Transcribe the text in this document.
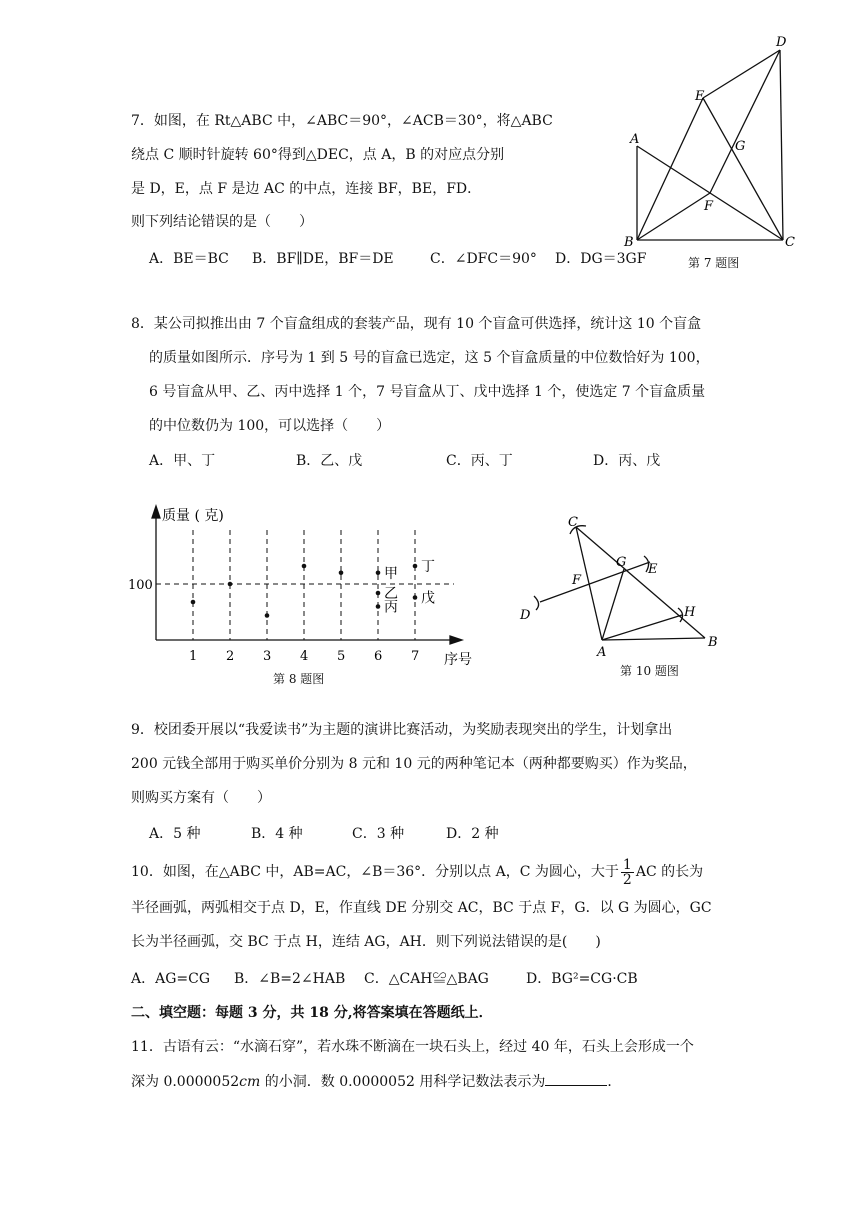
7．如图，在 Rt△ABC 中，∠ABC＝90°，∠ACB＝30°，将△ABC
绕点 C 顺时针旋转 60°得到△DEC，点 A，B 的对应点分别
是 D，E，点 F 是边 AC 的中点，连接 BF，BE，FD．
则下列结论错误的是（　　）
A．BE＝BC B．BF∥DE，BF＝DE	C．∠DFC＝90° D．DG＝3GF
A
B	C
D
E
F
G
第 7 题图
8．某公司拟推出由 7 个盲盒组成的套装产品，现有 10 个盲盒可供选择，统计这 10 个盲盒
的质量如图所示．序号为 1 到 5 号的盲盒已选定，这 5 个盲盒质量的中位数恰好为 100，
6 号盲盒从甲、乙、丙中选择 1 个，7 号盲盒从丁、戊中选择 1 个，使选定 7 个盲盒质量
的中位数仍为 100，可以选择（　　）
A．甲、丁	B．乙、戊	C．丙、丁	D．丙、戊
1 2 3 4 5 6 7
甲
乙
丙
丁
戊
质量 ( 克)
100
序号
第 8 题图
C
G E
F
D	H
A
B
第 10 题图
9．校团委开展以“我爱读书”为主题的演讲比赛活动，为奖励表现突出的学生，计划拿出
200 元钱全部用于购买单价分别为 8 元和 10 元的两种笔记本（两种都要购买）作为奖品，
则购买方案有（　　）
A．5 种	B．4 种	C．3 种	D．2 种
10．如图，在△ABC 中，AB=AC，∠B＝36°．分别以点 A，C 为圆心，大于 $\frac{1}{2}$ AC 的长为
半径画弧，两弧相交于点 D，E，作直线 DE 分别交 AC，BC 于点 F，G．以 G 为圆心，GC
长为半径画弧，交 BC 于点 H，连结 AG，AH．则下列说法错误的是(　　)
A．AG=CG B．∠B=2∠HAB C．△CAH≌△BAG	D．BG²=CG·CB
二、填空题：每题 3 分，共 18 分,将答案填在答题纸上．
11．古语有云：“水滴石穿”，若水珠不断滴在一块石头上，经过 40 年，石头上会形成一个
深为 0.0000052cm 的小洞．数 0.0000052 用科学记数法表示为	．
